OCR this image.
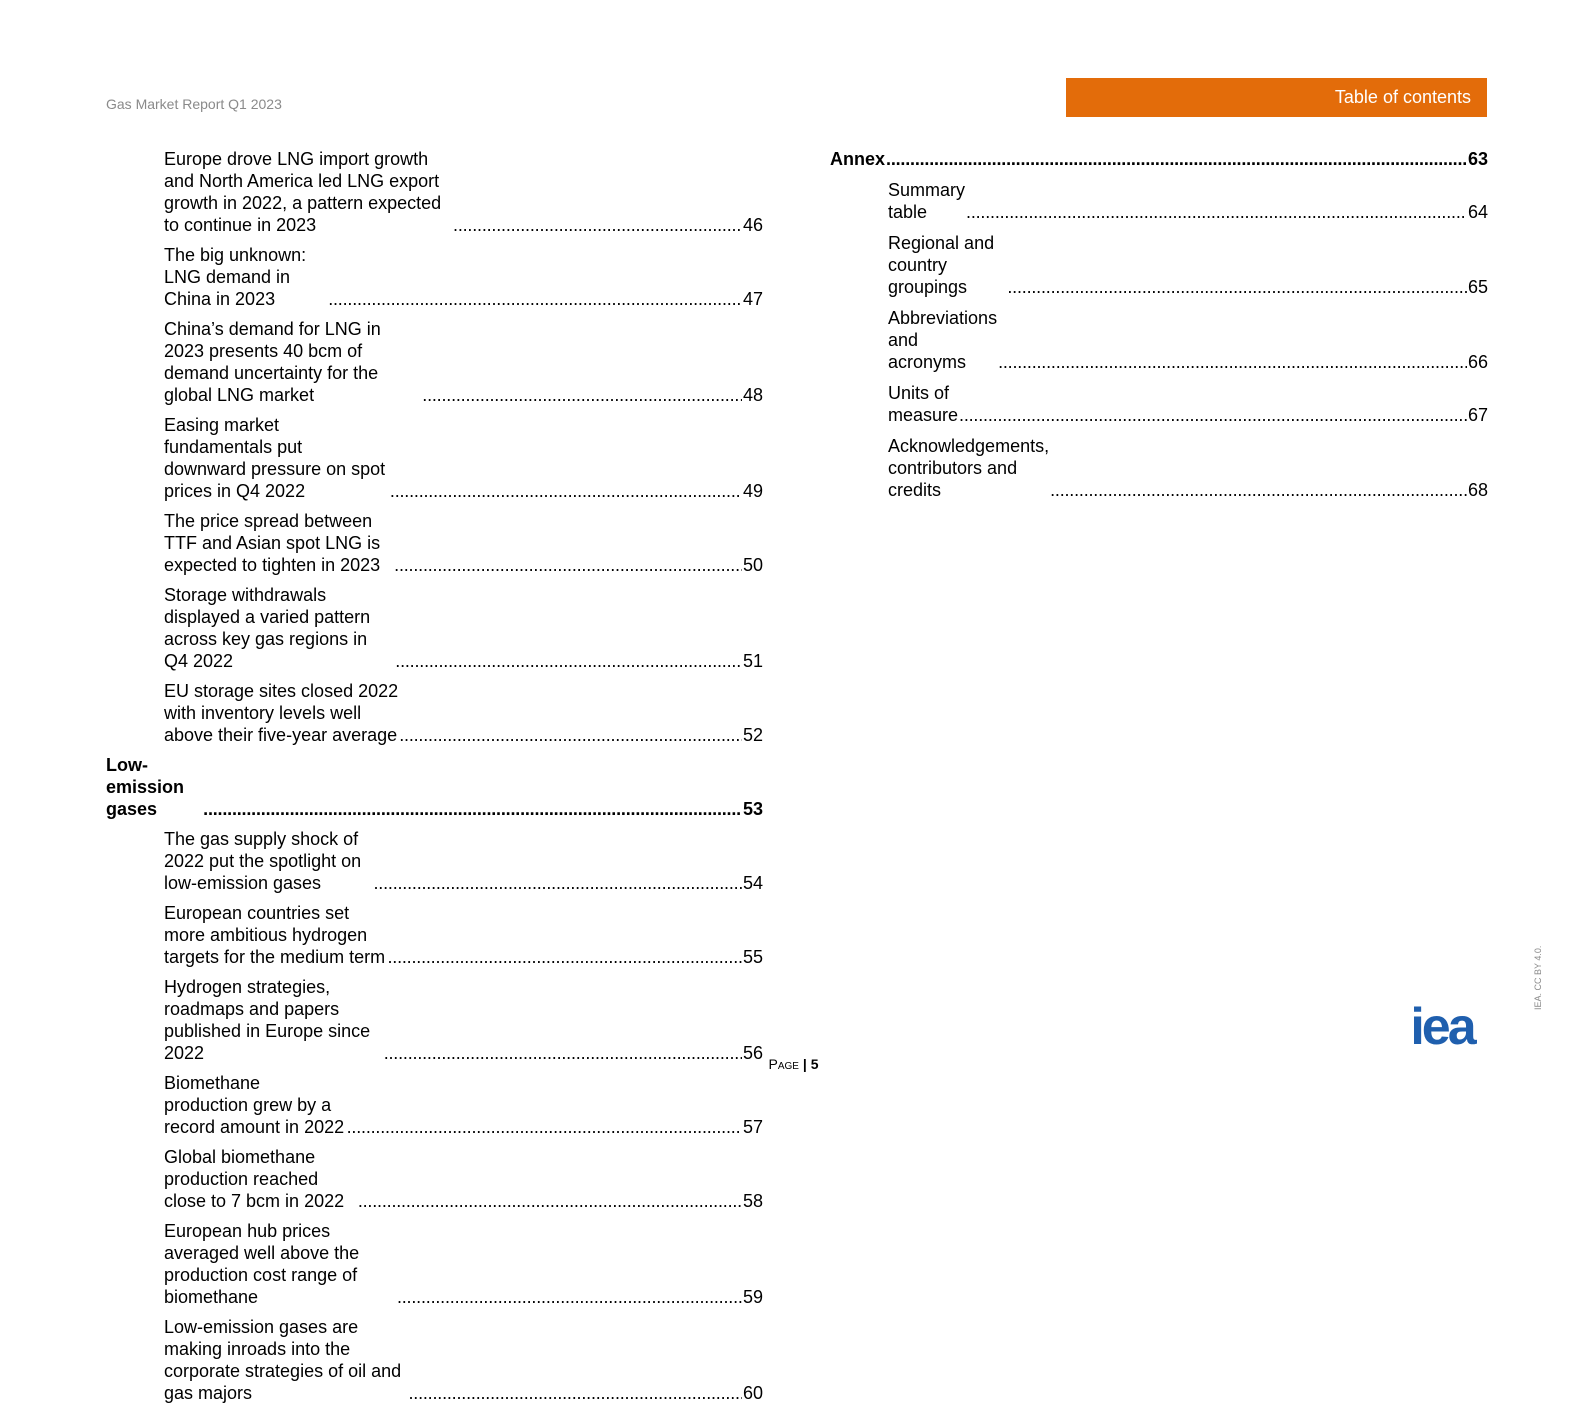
Gas Market Report Q1 2023	Table of contents
Europe drove LNG import growth and North America led LNG export growth in 2022, a pattern expected to continue in 2023 . . .	46
The big unknown: LNG demand in China in 2023 . . .	47
China’s demand for LNG in 2023 presents 40 bcm of demand uncertainty for the global LNG market . . .	48
Easing market fundamentals put downward pressure on spot prices in Q4 2022 . . .	49
The price spread between TTF and Asian spot LNG is expected to tighten in 2023 . . .	50
Storage withdrawals displayed a varied pattern across key gas regions in Q4 2022 . . .	51
EU storage sites closed 2022 with inventory levels well above their five-year average . . .	52
Low-emission gases . . .	53
The gas supply shock of 2022 put the spotlight on low-emission gases . . .	54
European countries set more ambitious hydrogen targets for the medium term . . .	55
Hydrogen strategies, roadmaps and papers published in Europe since 2022 . . .	56
Biomethane production grew by a record amount in 2022 . . .	57
Global biomethane production reached close to 7 bcm in 2022 . . .	58
European hub prices averaged well above the production cost range of biomethane . . .	59
Low-emission gases are making inroads into the corporate strategies of oil and gas majors . . .	60
Annex . . .	63
Summary table . . .	64
Regional and country groupings . . .	65
Abbreviations and acronyms . . .	66
Units of measure . . .	67
Acknowledgements, contributors and credits . . .	68
Page | 5
iea
IEA. CC BY 4.0.
